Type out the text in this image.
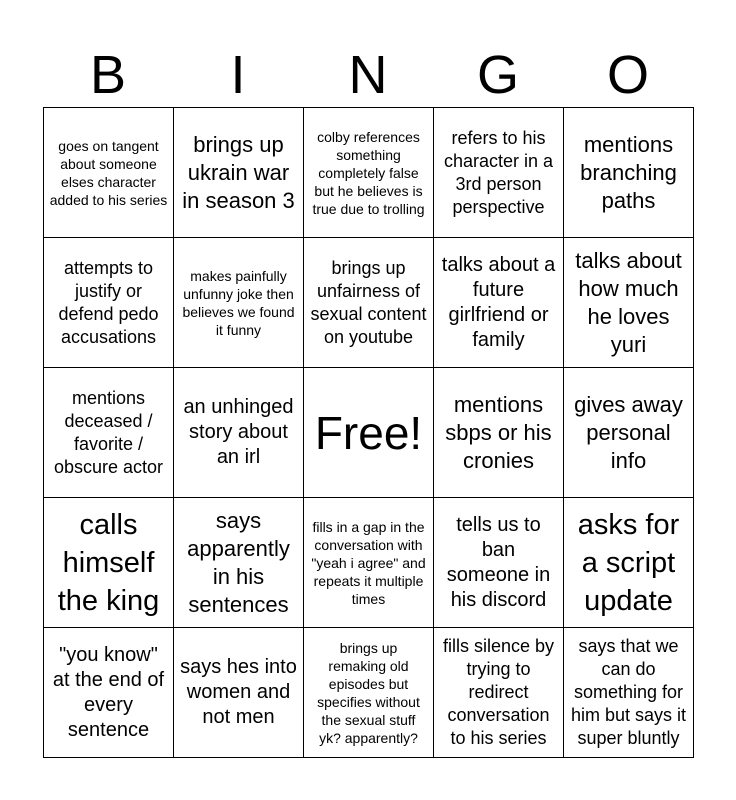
B	I	N	G	O
goes on tangent about someone elses character added to his series
brings up ukrain war in season 3
colby references something completely false but he believes is true due to trolling
refers to his character in a 3rd person perspective
mentions branching paths
attempts to justify or defend pedo accusations
makes painfully unfunny joke then believes we found it funny
brings up unfairness of sexual content on youtube
talks about a future girlfriend or family
talks about how much he loves yuri
mentions deceased / favorite / obscure actor
an unhinged story about an irl	Free!
mentions sbps or his cronies
gives away personal info
calls himself the king
says apparently in his sentences
fills in a gap in the conversation with "yeah i agree" and repeats it multiple times
tells us to ban someone in his discord
asks for a script update
"you know" at the end of every sentence
says hes into women and not men
brings up remaking old episodes but specifies without the sexual stuff yk? apparently?
fills silence by trying to redirect conversation to his series
says that we can do something for him but says it super bluntly
